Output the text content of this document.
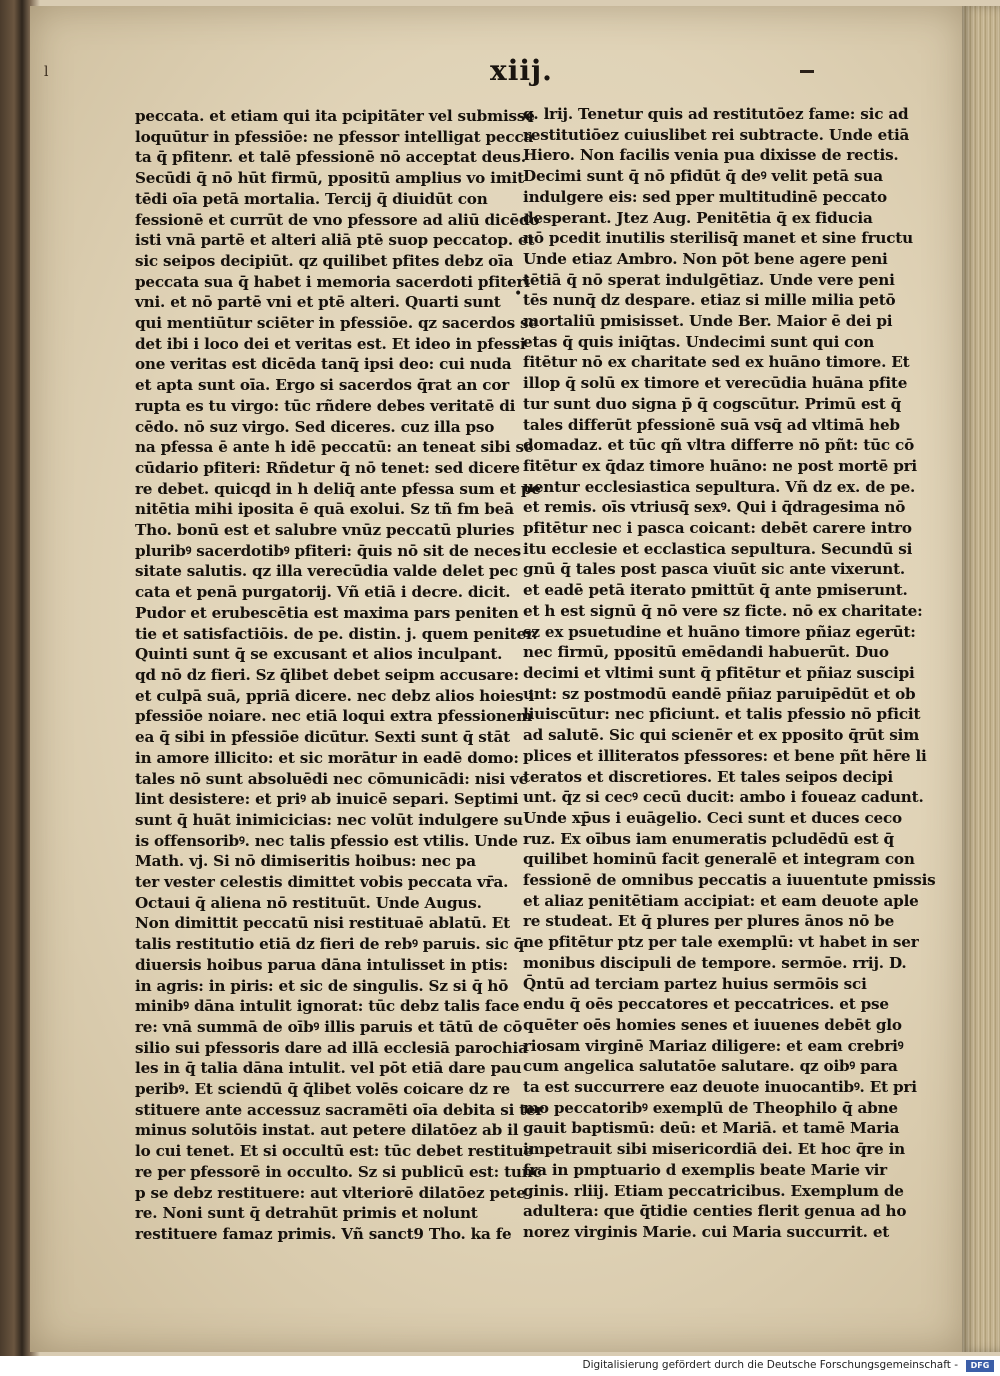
l	xiij.
peccata. et etiam qui ita pcipitāter vel submisse
loquūtur in pfessiōe: ne pfessor intelligat pecca
ta q̄ pfitenr. et talē pfessionē nō acceptat deus.
Secūdi q̄ nō hūt firmū, ppositū amplius vo imit
tēdi oīa petā mortalia. Tercij q̄ diuidūt con
fessionē et currūt de vno pfessore ad aliū dicēdo
isti vnā partē et alteri aliā ptē suop peccatop. et
sic seipos decipiūt. qz quilibet pfites debz oīa
peccata sua q̄ habet i memoria sacerdoti pfiteri
vni. et nō partē vni et ptē alteri. Quarti sunt
qui mentiūtur sciēter in pfessiōe. qz sacerdos se
det ibi i loco dei et veritas est. Et ideo in pfessi
one veritas est dicēda tanq̄ ipsi deo: cui nuda
et apta sunt oīa. Ergo si sacerdos q̄rat an cor
rupta es tu virgo: tūc rñdere debes veritatē di
cēdo. nō suz virgo. Sed diceres. cuz illa pso
na pfessa ē ante h idē peccatū: an teneat sibi se
cūdario pfiteri: Rñdetur q̄ nō tenet: sed dicere
re debet. quicqd in h deliq̄ ante pfessa sum et pe
nitētia mihi iposita ē quā exolui. Sz tñ fm beā
Tho. bonū est et salubre vnūz peccatū pluries
pluribꝰ sacerdotibꝰ pfiteri: q̄uis nō sit de neces
sitate salutis. qz illa verecūdia valde delet pec
cata et penā purgatorij. Vñ etiā i decre. dicit.
Pudor et erubescētia est maxima pars peniten
tie et satisfactiōis. de pe. distin. j. quem peniter.
Quinti sunt q̄ se excusant et alios inculpant.
qd nō dz fieri. Sz q̄libet debet seipm accusare:
et culpā suā, ppriā dicere. nec debz alios hoies i
pfessiōe noiare. nec etiā loqui extra pfessionem
ea q̄ sibi in pfessiōe dicūtur. Sexti sunt q̄ stāt
in amore illicito: et sic morātur in eadē domo:
tales nō sunt absoluēdi nec cōmunicādi: nisi ve
lint desistere: et priꝰ ab inuicē separi. Septimi
sunt q̄ huāt inimicicias: nec volūt indulgere su
is offensoribꝰ. nec talis pfessio est vtilis. Unde
Math. vj. Si nō dimiseritis hoibus: nec pa
ter vester celestis dimittet vobis peccata vr̄a.
Octaui q̄ aliena nō restituūt. Unde Augus.
Non dimittit peccatū nisi restituaē ablatū. Et
talis restitutio etiā dz fieri de rebꝰ paruis. sic q̄
diuersis hoibus parua dāna intulisset in ptis:
in agris: in piris: et sic de singulis. Sz si q̄ hō
minibꝰ dāna intulit ignorat: tūc debz talis face
re: vnā summā de oībꝰ illis paruis et tātū de cō
silio sui pfessoris dare ad illā ecclesiā parochia
les in q̄ talia dāna intulit. vel pōt etiā dare pau
peribꝰ. Et sciendū q̄ q̄libet volēs coicare dz re
stituere ante accessuz sacramēti oīa debita si ter
minus solutōis instat. aut petere dilatōez ab il
lo cui tenet. Et si occultū est: tūc debet restitue
re per pfessorē in occulto. Sz si publicū est: tunc
p se debz restituere: aut vlteriorē dilatōez pete
re. Noni sunt q̄ detrahūt primis et nolunt
restituere famaz primis. Vñ sanct9 Tho. ka fe
•
q. lrij. Tenetur quis ad restitutōez fame: sic ad
restitutiōez cuiuslibet rei subtracte. Unde etiā
Hiero. Non facilis venia pua dixisse de rectis.
Decimi sunt q̄ nō pfidūt q̄ deꝰ velit petā sua
indulgere eis: sed pper multitudinē peccato
desperant. Jtez Aug. Penitētia q̄ ex fiducia
nō pcedit inutilis sterilisq̄ manet et sine fructu
Unde etiaz Ambro. Non pōt bene agere peni
tētiā q̄ nō sperat indulgētiaz. Unde vere peni
tēs nunq̄ dz despare. etiaz si mille milia petō
mortaliū pmisisset. Unde Ber. Maior ē dei pi
etas q̄ quis iniq̄tas. Undecimi sunt qui con
fitētur nō ex charitate sed ex huāno timore. Et
illop q̄ solū ex timore et verecūdia huāna pfite
tur sunt duo signa p̄ q̄ cogscūtur. Primū est q̄
tales differūt pfessionē suā vsq̄ ad vltimā heb
domadaz. et tūc qñ vltra differre nō pñt: tūc cō
fitētur ex q̄daz timore huāno: ne post mortē pri
uentur ecclesiastica sepultura. Vñ dz ex. de pe.
et remis. oīs vtriusq̄ sexꝰ. Qui i q̄dragesima nō
pfitētur nec i pasca coicant: debēt carere intro
itu ecclesie et ecclastica sepultura. Secundū si
gnū q̄ tales post pasca viuūt sic ante vixerunt.
et eadē petā iterato pmittūt q̄ ante pmiserunt.
et h est signū q̄ nō vere sz ficte. nō ex charitate:
sz ex psuetudine et huāno timore pñiaz egerūt:
nec firmū, ppositū emēdandi habuerūt. Duo
decimi et vltimi sunt q̄ pfitētur et pñiaz suscipi
unt: sz postmodū eandē pñiaz paruipēdūt et ob
liuiscūtur: nec pficiunt. et talis pfessio nō pficit
ad salutē. Sic qui scienēr et ex pposito q̄rūt sim
plices et illiteratos pfessores: et bene pñt hēre li
teratos et discretiores. Et tales seipos decipi
unt. q̄z si cecꝰ cecū ducit: ambo i foueaz cadunt.
Unde xp̄us i euāgelio. Ceci sunt et duces ceco
ruz. Ex oībus iam enumeratis pcludēdū est q̄
quilibet hominū facit generalē et integram con
fessionē de omnibus peccatis a iuuentute pmissis
et aliaz penitētiam accipiat: et eam deuote aple
re studeat. Et q̄ plures per plures ānos nō be
ne pfitētur ptz per tale exemplū: vt habet in ser
monibus discipuli de tempore. sermōe. rrij. D.
Q̄ntū ad terciam partez huius sermōis sci
endu q̄ oēs peccatores et peccatrices. et pse
quēter oēs homies senes et iuuenes debēt glo
riosam virginē Mariaz diligere: et eam crebriꝰ
cum angelica salutatōe salutare. qz oibꝰ para
ta est succurrere eaz deuote inuocantibꝰ. Et pri
mo peccatoribꝰ exemplū de Theophilo q̄ abne
gauit baptismū: deū: et Mariā. et tamē Maria
impetrauit sibi misericordiā dei. Et hoc q̄re in
fra in pmptuario d exemplis beate Marie vir
ginis. rliij. Etiam peccatricibus. Exemplum de
adultera: que q̄tidie centies flerit genua ad ho
norez virginis Marie. cui Maria succurrit. et
Digitalisierung gefördert durch die Deutsche Forschungsgemeinschaft -	DFG
